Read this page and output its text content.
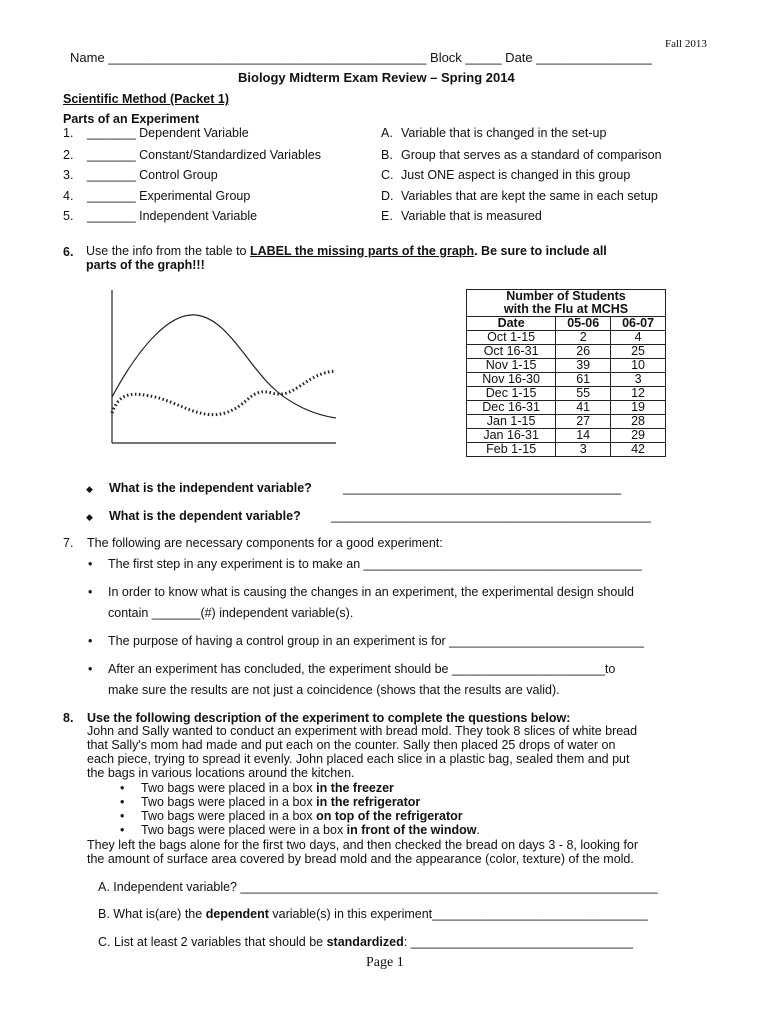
Fall 2013
Name ____________________________________________ Block _____ Date ________________
Biology Midterm Exam Review – Spring 2014
Scientific Method (Packet 1)
Parts of an Experiment
1. _______ Dependent Variable
2. _______ Constant/Standardized Variables
3. _______ Control Group
4. _______ Experimental Group
5. _______ Independent Variable
A. Variable that is changed in the set-up
B. Group that serves as a standard of comparison
C. Just ONE aspect is changed in this group
D. Variables that are kept the same in each setup
E. Variable that is measured
6. Use the info from the table to LABEL the missing parts of the graph. Be sure to include all
parts of the graph!!!
Number of Students		
with the Flu at MCHS		
Date	05-06	06-07
Oct 1-15	2	4
Oct 16-31	26	25
Nov 1-15	39	10
Nov 16-30	61	3
Dec 1-15	55	12
Dec 16-31	41	19
Jan 1-15	27	28
Jan 16-31	14	29
Feb 1-15	3	42
◆ What is the independent variable? ________________________________________
◆ What is the dependent variable? ______________________________________________
7. The following are necessary components for a good experiment:
• The first step in any experiment is to make an ________________________________________
• In order to know what is causing the changes in an experiment, the experimental design should
contain _______(#) independent variable(s).
• The purpose of having a control group in an experiment is for ____________________________
• After an experiment has concluded, the experiment should be ______________________to
make sure the results are not just a coincidence (shows that the results are valid).
8. Use the following description of the experiment to complete the questions below:
John and Sally wanted to conduct an experiment with bread mold. They took 8 slices of white bread
that Sally's mom had made and put each on the counter. Sally then placed 25 drops of water on
each piece, trying to spread it evenly. John placed each slice in a plastic bag, sealed them and put
the bags in various locations around the kitchen.
• Two bags were placed in a box in the freezer
• Two bags were placed in a box in the refrigerator
• Two bags were placed in a box on top of the refrigerator
• Two bags were placed were in a box in front of the window.
They left the bags alone for the first two days, and then checked the bread on days 3 - 8, looking for
the amount of surface area covered by bread mold and the appearance (color, texture) of the mold.
A. Independent variable? ____________________________________________________________
B. What is(are) the dependent variable(s) in this experiment_______________________________
C. List at least 2 variables that should be standardized: ________________________________
Page 1
